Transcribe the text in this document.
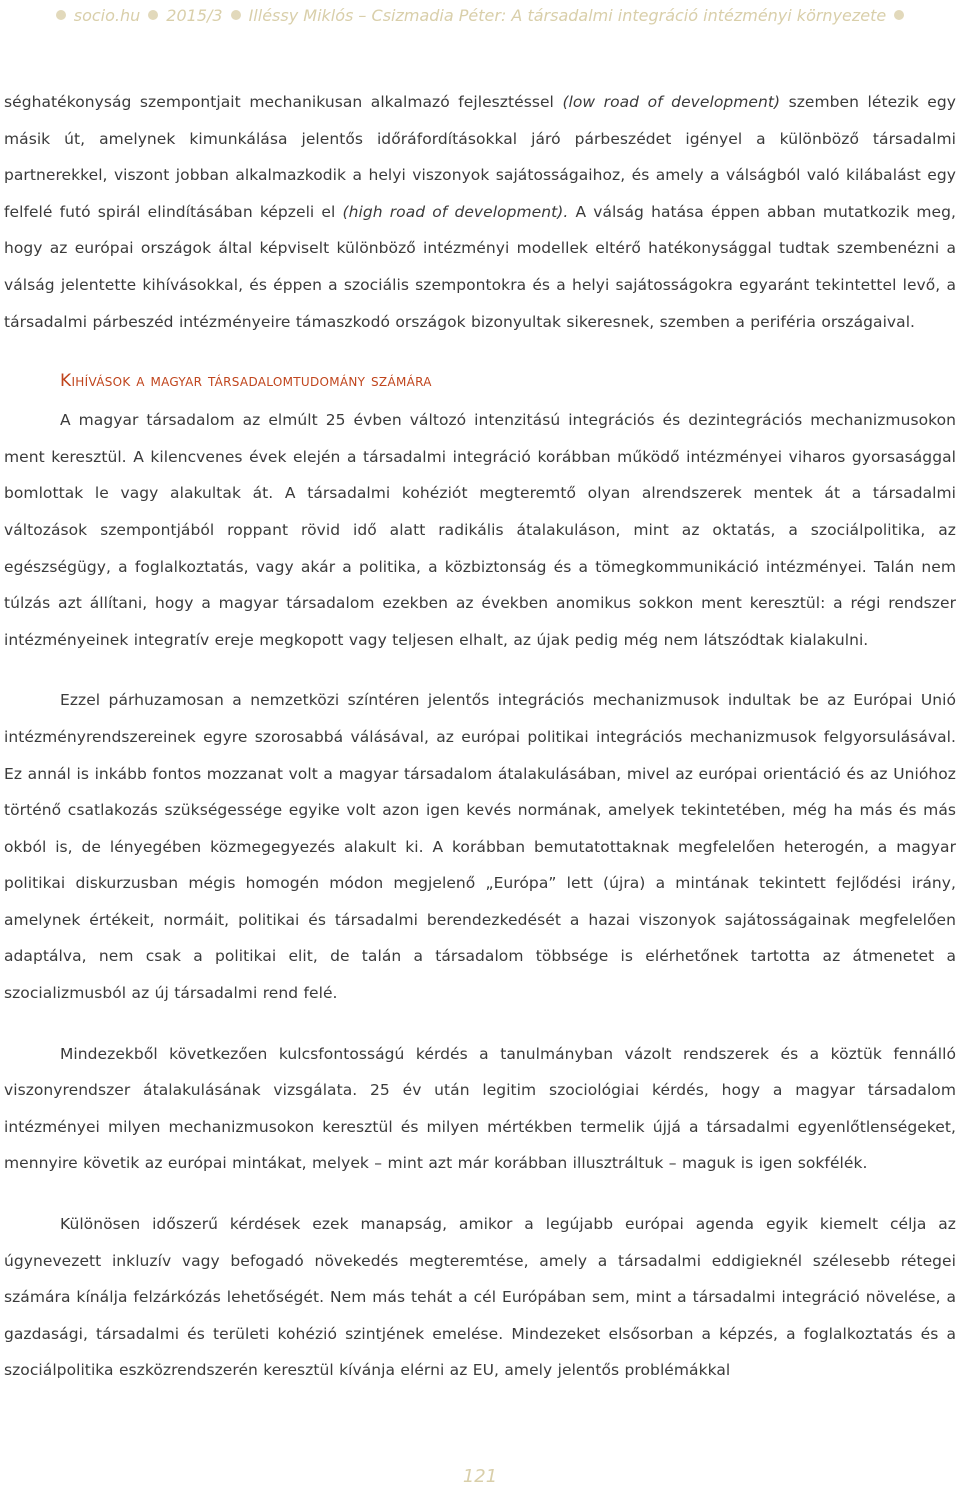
socio.hu 2015/3 Illéssy Miklós – Csizmadia Péter: A társadalmi integráció intézményi környezete

séghatékonyság szempontjait mechanikusan alkalmazó fejlesztéssel (low road of development) szemben létezik egy másik út, amelynek kimunkálása jelentős időráfordításokkal járó párbeszédet igényel a különböző társadalmi partnerekkel, viszont jobban alkalmazkodik a helyi viszonyok sajátosságaihoz, és amely a válságból való kilábalást egy felfelé futó spirál elindításában képzeli el (high road of development). A válság hatása éppen abban mutatkozik meg, hogy az európai országok által képviselt különböző intézményi modellek eltérő hatékonysággal tudtak szembenézni a válság jelentette kihívásokkal, és éppen a szociális szempontokra és a helyi sajátosságokra egyaránt tekintettel levő, a társadalmi párbeszéd intézményeire támaszkodó országok bizonyultak sikeresnek, szemben a periféria országaival.

Kihívások a magyar társadalomtudomány számára

A magyar társadalom az elmúlt 25 évben változó intenzitású integrációs és dezintegrációs mechanizmusokon ment keresztül. A kilencvenes évek elején a társadalmi integráció korábban működő intézményei viharos gyorsasággal bomlottak le vagy alakultak át. A társadalmi kohéziót megteremtő olyan alrendszerek mentek át a társadalmi változások szempontjából roppant rövid idő alatt radikális átalakuláson, mint az oktatás, a szociálpolitika, az egészségügy, a foglalkoztatás, vagy akár a politika, a közbiztonság és a tömegkommunikáció intézményei. Talán nem túlzás azt állítani, hogy a magyar társadalom ezekben az években anomikus sokkon ment keresztül: a régi rendszer intézményeinek integratív ereje megkopott vagy teljesen elhalt, az újak pedig még nem látszódtak kialakulni.

Ezzel párhuzamosan a nemzetközi színtéren jelentős integrációs mechanizmusok indultak be az Európai Unió intézményrendszereinek egyre szorosabbá válásával, az európai politikai integrációs mechanizmusok felgyorsulásával. Ez annál is inkább fontos mozzanat volt a magyar társadalom átalakulásában, mivel az európai orientáció és az Unióhoz történő csatlakozás szükségessége egyike volt azon igen kevés normának, amelyek tekintetében, még ha más és más okból is, de lényegében közmegegyezés alakult ki. A korábban bemutatottaknak megfelelően heterogén, a magyar politikai diskurzusban mégis homogén módon megjelenő „Európa” lett (újra) a mintának tekintett fejlődési irány, amelynek értékeit, normáit, politikai és társadalmi berendezkedését a hazai viszonyok sajátosságainak megfelelően adaptálva, nem csak a politikai elit, de talán a társadalom többsége is elérhetőnek tartotta az átmenetet a szocializmusból az új társadalmi rend felé.

Mindezekből következően kulcsfontosságú kérdés a tanulmányban vázolt rendszerek és a köztük fennálló viszonyrendszer átalakulásának vizsgálata. 25 év után legitim szociológiai kérdés, hogy a magyar társadalom intézményei milyen mechanizmusokon keresztül és milyen mértékben termelik újjá a társadalmi egyenlőtlenségeket, mennyire követik az európai mintákat, melyek – mint azt már korábban illusztráltuk – maguk is igen sokfélék.

Különösen időszerű kérdések ezek manapság, amikor a legújabb európai agenda egyik kiemelt célja az úgynevezett inkluzív vagy befogadó növekedés megteremtése, amely a társadalmi eddigieknél szélesebb rétegei számára kínálja felzárkózás lehetőségét. Nem más tehát a cél Európában sem, mint a társadalmi integráció növelése, a gazdasági, társadalmi és területi kohézió szintjének emelése. Mindezeket elsősorban a képzés, a foglalkoztatás és a szociálpolitika eszközrendszerén keresztül kívánja elérni az EU, amely jelentős problémákkal

121
